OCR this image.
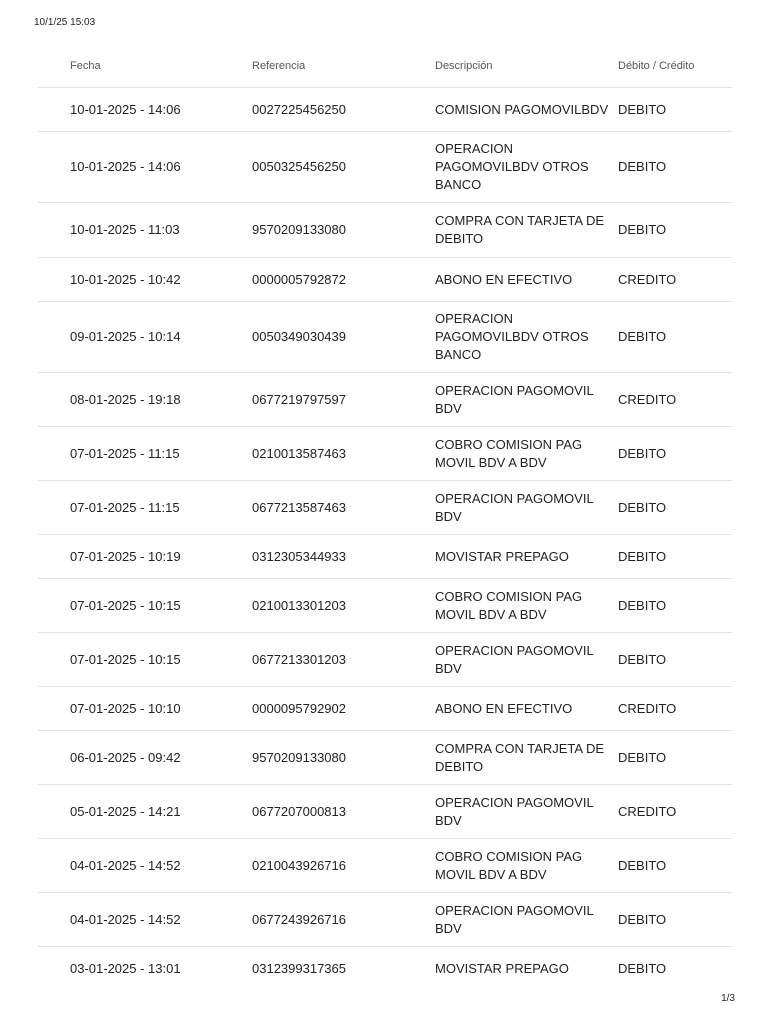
10/1/25 15:03
	Fecha	Referencia	Descripción	Débito / Crédito
	10-01-2025 - 14:06	0027225456250	COMISION PAGOMOVILBDV	DEBITO
	10-01-2025 - 14:06	0050325456250	OPERACION PAGOMOVILBDV OTROS BANCO	DEBITO
	10-01-2025 - 11:03	9570209133080	COMPRA CON TARJETA DE DEBITO	DEBITO
	10-01-2025 - 10:42	0000005792872	ABONO EN EFECTIVO	CREDITO
	09-01-2025 - 10:14	0050349030439	OPERACION PAGOMOVILBDV OTROS BANCO	DEBITO
	08-01-2025 - 19:18	0677219797597	OPERACION PAGOMOVIL BDV	CREDITO
	07-01-2025 - 11:15	0210013587463	COBRO COMISION PAG MOVIL BDV A BDV	DEBITO
	07-01-2025 - 11:15	0677213587463	OPERACION PAGOMOVIL BDV	DEBITO
	07-01-2025 - 10:19	0312305344933	MOVISTAR PREPAGO	DEBITO
	07-01-2025 - 10:15	0210013301203	COBRO COMISION PAG MOVIL BDV A BDV	DEBITO
	07-01-2025 - 10:15	0677213301203	OPERACION PAGOMOVIL BDV	DEBITO
	07-01-2025 - 10:10	0000095792902	ABONO EN EFECTIVO	CREDITO
	06-01-2025 - 09:42	9570209133080	COMPRA CON TARJETA DE DEBITO	DEBITO
	05-01-2025 - 14:21	0677207000813	OPERACION PAGOMOVIL BDV	CREDITO
	04-01-2025 - 14:52	0210043926716	COBRO COMISION PAG MOVIL BDV A BDV	DEBITO
	04-01-2025 - 14:52	0677243926716	OPERACION PAGOMOVIL BDV	DEBITO
	03-01-2025 - 13:01	0312399317365	MOVISTAR PREPAGO	DEBITO
1/3
